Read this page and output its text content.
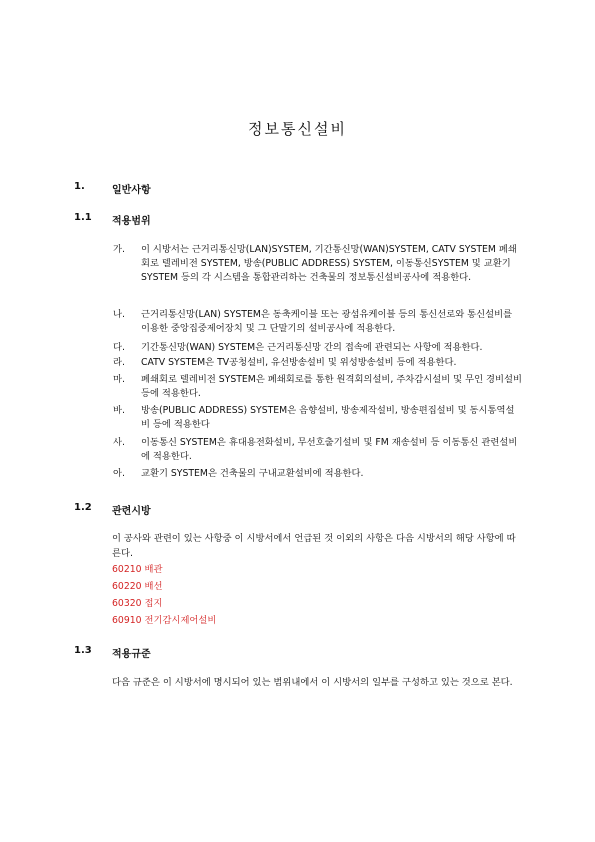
정보통신설비
1.	일반사항
1.1 적용범위
가. 이 시방서는 근거리통신망(LAN)SYSTEM, 기간통신망(WAN)SYSTEM, CATV SYSTEM 폐쇄회로 텔레비전 SYSTEM, 방송(PUBLIC ADDRESS) SYSTEM, 이동통신SYSTEM 및 교환기 SYSTEM 등의 각 시스템을 통합관리하는 건축물의 정보통신설비공사에 적용한다.
나. 근거리통신망(LAN) SYSTEM은 동축케이블 또는 광섬유케이블 등의 통신선로와 통신설비를 이용한 중앙집중제어장치 및 그 단말기의 설비공사에 적용한다.
다. 기간통신망(WAN) SYSTEM은 근거리통신망 간의 접속에 관련되는 사항에 적용한다.
라. CATV SYSTEM은 TV공청설비, 유선방송설비 및 위성방송설비 등에 적용한다.
마. 폐쇄회로 텔레비전 SYSTEM은 폐쇄회로를 통한 원격회의설비, 주차감시설비 및 무인 경비설비 등에 적용한다.
바. 방송(PUBLIC ADDRESS) SYSTEM은 음향설비, 방송제작설비, 방송편집설비 및 동시통역설비 등에 적용한다
사. 이동통신 SYSTEM은 휴대용전화설비, 무선호출기설비 및 FM 재송설비 등 이동통신 관련설비에 적용한다.
아. 교환기 SYSTEM은 건축물의 구내교환설비에 적용한다.
1.2 관련시방
이 공사와 관련이 있는 사항중 이 시방서에서 언급된 것 이외의 사항은 다음 시방서의 해당 사항에 따른다.
60210 배관
60220 배선
60320 접지
60910 전기감시제어설비
1.3 적용규준
다음 규준은 이 시방서에 명시되어 있는 범위내에서 이 시방서의 일부를 구성하고 있는 것으로 본다.
